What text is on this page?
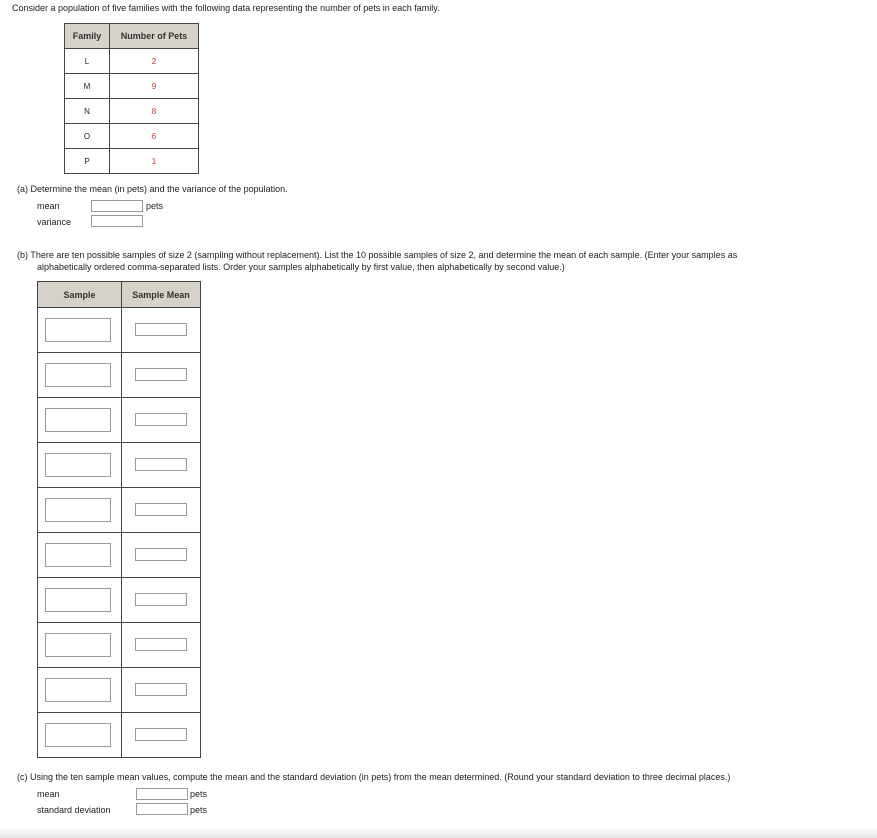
Consider a population of five families with the following data representing the number of pets in each family.
Family	Number of Pets
L	2
M	9
N	8
O	6
P	1
(a) Determine the mean (in pets) and the variance of the population.
mean	pets
variance
(b) There are ten possible samples of size 2 (sampling without replacement). List the 10 possible samples of size 2, and determine the mean of each sample. (Enter your samples as
alphabetically ordered comma-separated lists. Order your samples alphabetically by first value, then alphabetically by second value.)
Sample	Sample Mean

(c) Using the ten sample mean values, compute the mean and the standard deviation (in pets) from the mean determined. (Round your standard deviation to three decimal places.)
mean	pets
standard deviation	pets
